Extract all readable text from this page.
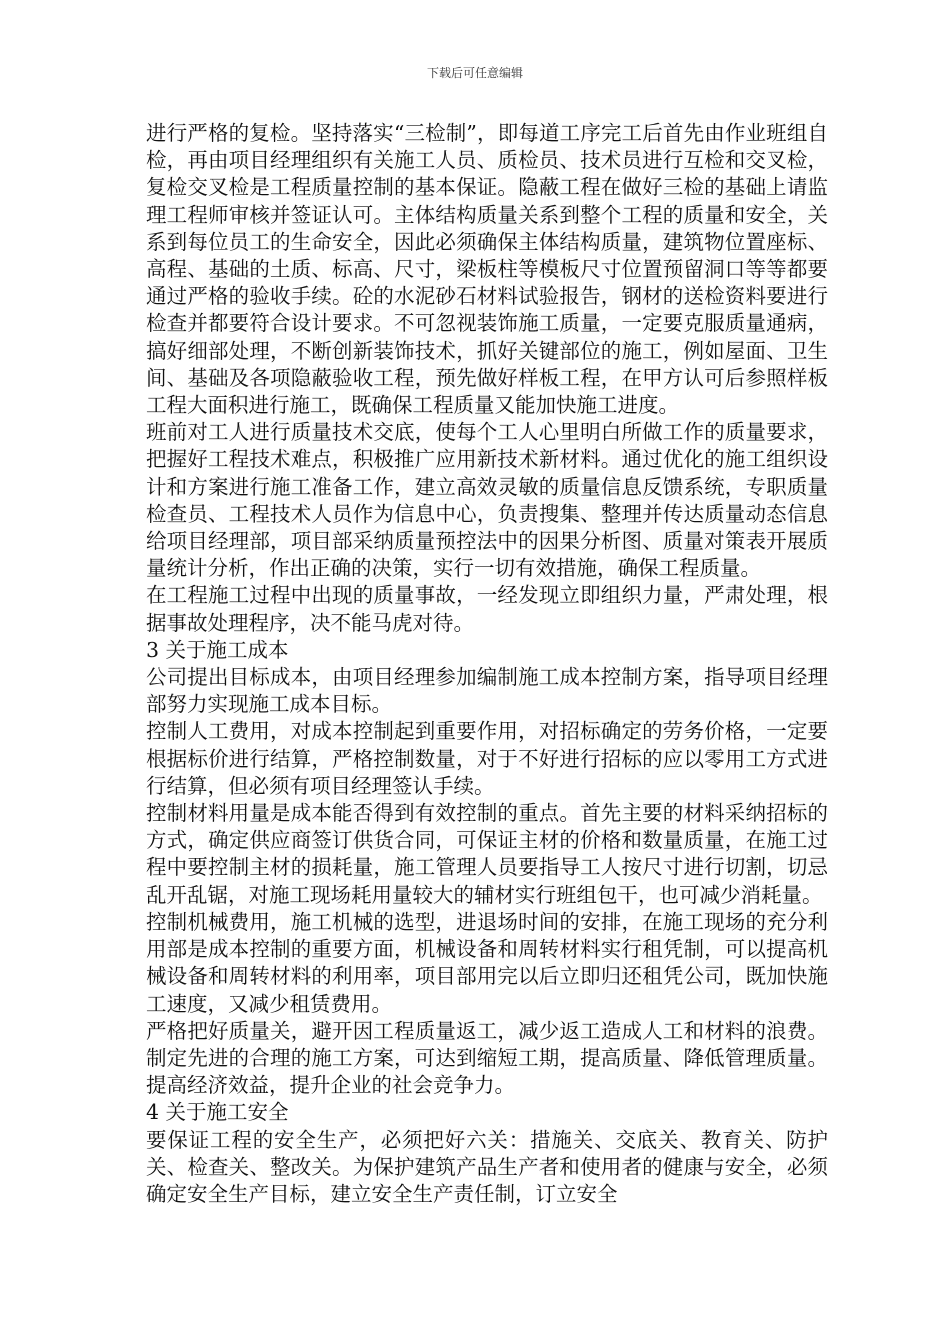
下载后可任意编辑

进行严格的复检。坚持落实“三检制”，即每道工序完工后首先由作业班组自检，再由项目经理组织有关施工人员、质检员、技术员进行互检和交叉检，复检交叉检是工程质量控制的基本保证。隐蔽工程在做好三检的基础上请监理工程师审核并签证认可。主体结构质量关系到整个工程的质量和安全，关系到每位员工的生命安全，因此必须确保主体结构质量，建筑物位置座标、高程、基础的土质、标高、尺寸，梁板柱等模板尺寸位置预留洞口等等都要通过严格的验收手续。砼的水泥砂石材料试验报告，钢材的送检资料要进行检查并都要符合设计要求。不可忽视装饰施工质量，一定要克服质量通病，搞好细部处理，不断创新装饰技术，抓好关键部位的施工，例如屋面、卫生间、基础及各项隐蔽验收工程，预先做好样板工程，在甲方认可后参照样板工程大面积进行施工，既确保工程质量又能加快施工进度。

班前对工人进行质量技术交底，使每个工人心里明白所做工作的质量要求，把握好工程技术难点，积极推广应用新技术新材料。通过优化的施工组织设计和方案进行施工准备工作，建立高效灵敏的质量信息反馈系统，专职质量检查员、工程技术人员作为信息中心，负责搜集、整理并传达质量动态信息给项目经理部，项目部采纳质量预控法中的因果分析图、质量对策表开展质量统计分析，作出正确的决策，实行一切有效措施，确保工程质量。

在工程施工过程中出现的质量事故，一经发现立即组织力量，严肃处理，根据事故处理程序，决不能马虎对待。

3 关于施工成本

公司提出目标成本，由项目经理参加编制施工成本控制方案，指导项目经理部努力实现施工成本目标。

控制人工费用，对成本控制起到重要作用，对招标确定的劳务价格，一定要根据标价进行结算，严格控制数量，对于不好进行招标的应以零用工方式进行结算，但必须有项目经理签认手续。

控制材料用量是成本能否得到有效控制的重点。首先主要的材料采纳招标的方式，确定供应商签订供货合同，可保证主材的价格和数量质量，在施工过程中要控制主材的损耗量，施工管理人员要指导工人按尺寸进行切割，切忌乱开乱锯，对施工现场耗用量较大的辅材实行班组包干，也可减少消耗量。

控制机械费用，施工机械的选型，进退场时间的安排，在施工现场的充分利用部是成本控制的重要方面，机械设备和周转材料实行租凭制，可以提高机械设备和周转材料的利用率，项目部用完以后立即归还租凭公司，既加快施工速度，又减少租赁费用。

严格把好质量关，避开因工程质量返工，减少返工造成人工和材料的浪费。制定先进的合理的施工方案，可达到缩短工期，提高质量、降低管理质量。提高经济效益，提升企业的社会竞争力。

4 关于施工安全

要保证工程的安全生产，必须把好六关：措施关、交底关、教育关、防护关、检查关、整改关。为保护建筑产品生产者和使用者的健康与安全，必须确定安全生产目标，建立安全生产责任制，订立安全
